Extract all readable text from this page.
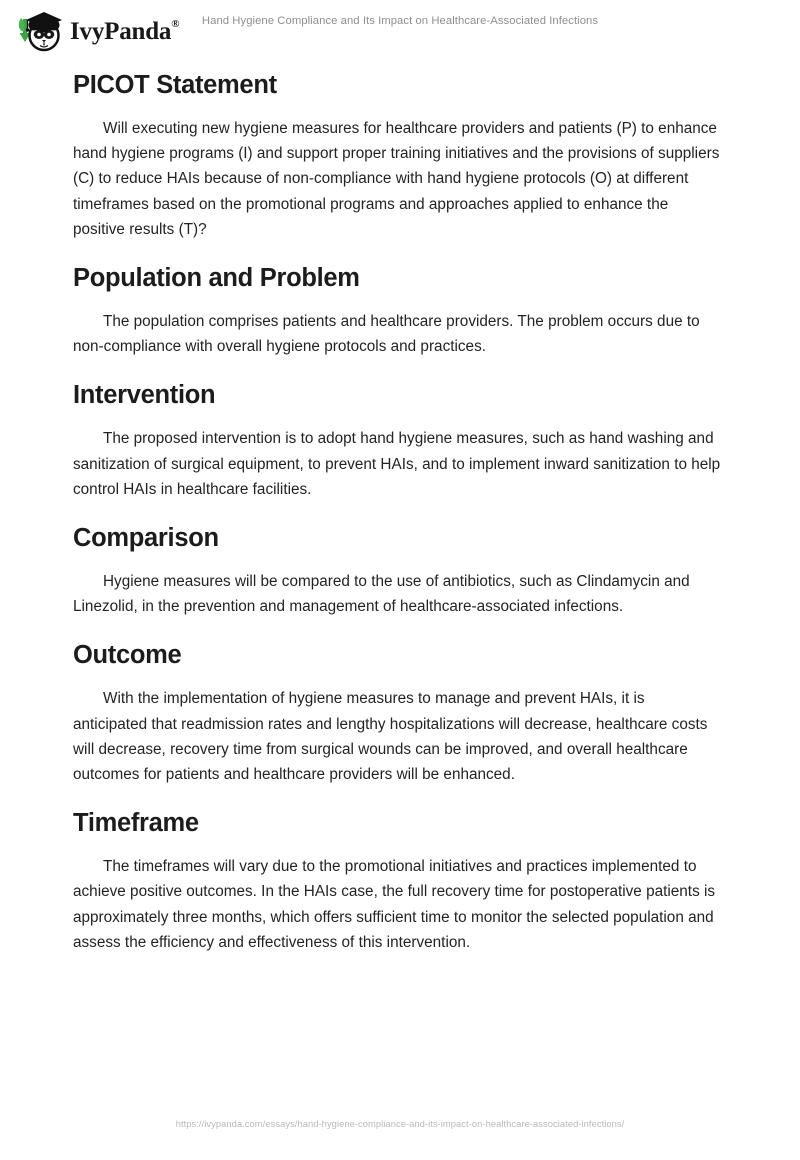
IvyPanda®	Hand Hygiene Compliance and Its Impact on Healthcare-Associated Infections
PICOT Statement

Will executing new hygiene measures for healthcare providers and patients (P) to enhance hand hygiene programs (I) and support proper training initiatives and the provisions of suppliers (C) to reduce HAIs because of non-compliance with hand hygiene protocols (O) at different timeframes based on the promotional programs and approaches applied to enhance the positive results (T)?

Population and Problem

The population comprises patients and healthcare providers. The problem occurs due to non-compliance with overall hygiene protocols and practices.

Intervention

The proposed intervention is to adopt hand hygiene measures, such as hand washing and sanitization of surgical equipment, to prevent HAIs, and to implement inward sanitization to help control HAIs in healthcare facilities.

Comparison

Hygiene measures will be compared to the use of antibiotics, such as Clindamycin and Linezolid, in the prevention and management of healthcare-associated infections.

Outcome

With the implementation of hygiene measures to manage and prevent HAIs, it is anticipated that readmission rates and lengthy hospitalizations will decrease, healthcare costs will decrease, recovery time from surgical wounds can be improved, and overall healthcare outcomes for patients and healthcare providers will be enhanced.

Timeframe

The timeframes will vary due to the promotional initiatives and practices implemented to achieve positive outcomes. In the HAIs case, the full recovery time for postoperative patients is approximately three months, which offers sufficient time to monitor the selected population and assess the efficiency and effectiveness of this intervention.

https://ivypanda.com/essays/hand-hygiene-compliance-and-its-impact-on-healthcare-associated-infections/
